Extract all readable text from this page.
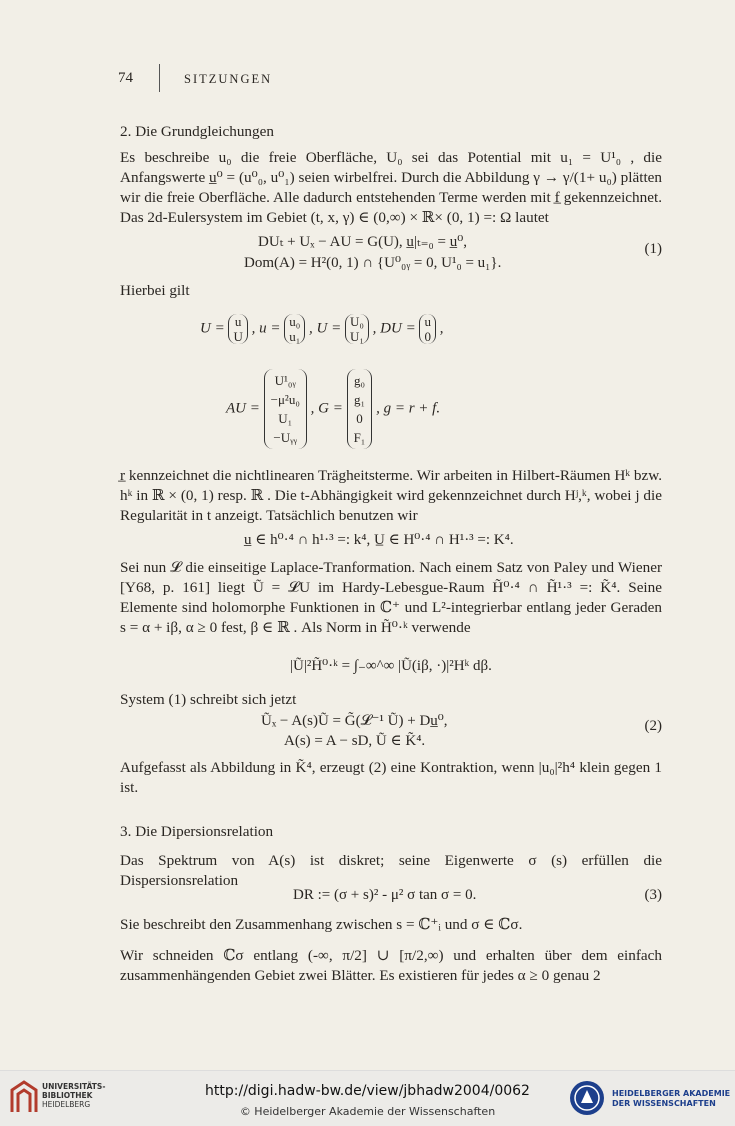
74	SITZUNGEN

2. Die Grundgleichungen

Es beschreibe u₀ die freie Oberfläche, U₀ sei das Potential mit u₁ = U¹₀ , die Anfangswerte u̲⁰ = (u⁰₀, u⁰₁) seien wirbelfrei. Durch die Abbildung γ → γ/(1+ u₀) plätten wir die freie Oberfläche. Alle dadurch entstehenden Terme werden mit f̲ gekennzeichnet. Das 2d-Eulersystem im Gebiet (t, x, γ) ∈ (0,∞) × ℝ× (0, 1) =: Ω lautet
DUₜ + Uₓ − AU = G(U), u̲|ₜ₌₀ = u̲⁰,
Dom(A) = H²(0, 1) ∩ {U⁰₀ᵧ = 0, U¹₀ = u₁}.
(1)
Hierbei gilt
U = u
U , u = u₀
u₁ , U = U₀
U₁ , DU = u
0 ,
AU = U¹₀ᵧ
−μ²u₀
U₁
−Uᵧᵧ , G = g₀
g₁
0
F₁ , g = r + f.
r̲ kennzeichnet die nichtlinearen Trägheitsterme. Wir arbeiten in Hilbert-Räumen Hᵏ bzw. hᵏ in ℝ × (0, 1) resp. ℝ . Die t-Abhängigkeit wird gekennzeichnet durch Hʲ,ᵏ, wobei j die Regularität in t anzeigt. Tatsächlich benutzen wir
u̲ ∈ h⁰·⁴ ∩ h¹·³ =: k⁴, U̲ ∈ H⁰·⁴ ∩ H¹·³ =: K⁴.
Sei nun 𝓛 die einseitige Laplace-Tranformation. Nach einem Satz von Paley und Wiener [Y68, p. 161] liegt Ũ = 𝓛U im Hardy-Lebesgue-Raum H̃⁰·⁴ ∩ H̃¹·³ =: K̃⁴. Seine Elemente sind holomorphe Funktionen in ℂ⁺ und L²-integrierbar entlang jeder Geraden s = α + iβ, α ≥ 0 fest, β ∈ ℝ . Als Norm in H̃⁰·ᵏ verwende
|Ũ|²H̃⁰·ᵏ = ∫₋∞^∞ |Ũ(iβ, ·)|²Hᵏ dβ.
System (1) schreibt sich jetzt
Ũₓ − A(s)Ũ = G̃(𝓛⁻¹ Ũ) + Du̲⁰,
A(s) = A − sD, Ũ ∈ K̃⁴.
(2)
Aufgefasst als Abbildung in K̃⁴, erzeugt (2) eine Kontraktion, wenn |u₀|²h⁴ klein gegen 1 ist.
3. Die Dipersionsrelation
Das Spektrum von A(s) ist diskret; seine Eigenwerte σ (s) erfüllen die Dispersionsrelation
DR := (σ + s)² - μ² σ tan σ = 0.	(3)
Sie beschreibt den Zusammenhang zwischen s = ℂ⁺ᵢ und σ ∈ ℂσ.
Wir schneiden ℂσ entlang (-∞, π/2] ∪ [π/2,∞) und erhalten über dem einfach zusammenhängenden Gebiet zwei Blätter. Es existieren für jedes α ≥ 0 genau 2
UNIVERSITÄTS-
BIBLIOTHEK
HEIDELBERG
http://digi.hadw-bw.de/view/jbhadw2004/0062
© Heidelberger Akademie der Wissenschaften
HEIDELBERGER AKADEMIE
DER WISSENSCHAFTEN
